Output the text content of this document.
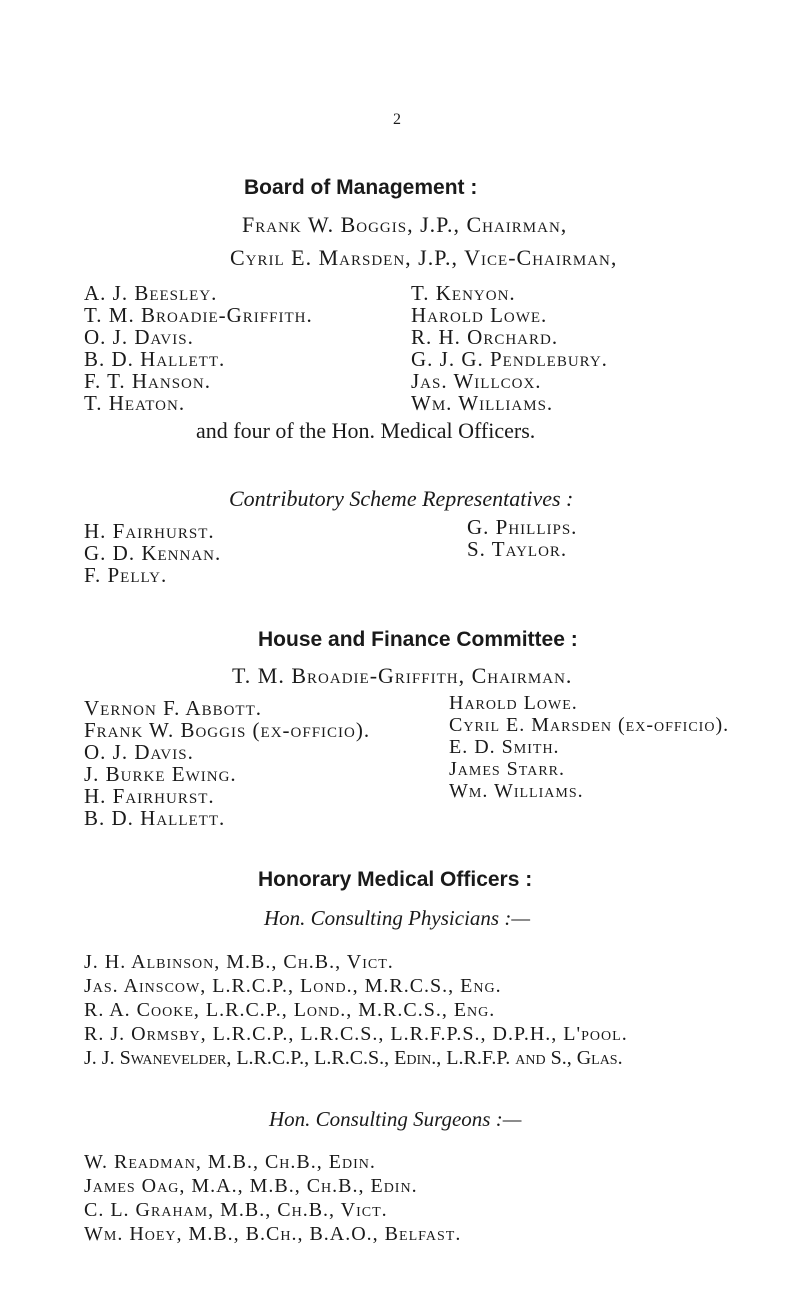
2
Board of Management :
Frank W. Boggis, J.P., Chairman,
Cyril E. Marsden, J.P., Vice-Chairman,
A. J. Beesley.
T. M. Broadie-Griffith.
O. J. Davis.
B. D. Hallett.
F. T. Hanson.
T. Heaton.
T. Kenyon.
Harold Lowe.
R. H. Orchard.
G. J. G. Pendlebury.
Jas. Willcox.
Wm. Williams.
and four of the Hon. Medical Officers.
Contributory Scheme Representatives :
H. Fairhurst.
G. D. Kennan.
F. Pelly.
G. Phillips.
S. Taylor.
House and Finance Committee :
T. M. Broadie-Griffith, Chairman.
Vernon F. Abbott.
Frank W. Boggis (ex-officio).
O. J. Davis.
J. Burke Ewing.
H. Fairhurst.
B. D. Hallett.
Harold Lowe.
Cyril E. Marsden (ex-officio).
E. D. Smith.
James Starr.
Wm. Williams.
Honorary Medical Officers :
Hon. Consulting Physicians :—
J. H. Albinson, M.B., Ch.B., Vict.
Jas. Ainscow, L.R.C.P., Lond., M.R.C.S., Eng.
R. A. Cooke, L.R.C.P., Lond., M.R.C.S., Eng.
R. J. Ormsby, L.R.C.P., L.R.C.S., L.R.F.P.S., D.P.H., L'pool.
J. J. Swanevelder, L.R.C.P., L.R.C.S., Edin., L.R.F.P. and S., Glas.
Hon. Consulting Surgeons :—
W. Readman, M.B., Ch.B., Edin.
James Oag, M.A., M.B., Ch.B., Edin.
C. L. Graham, M.B., Ch.B., Vict.
Wm. Hoey, M.B., B.Ch., B.A.O., Belfast.
